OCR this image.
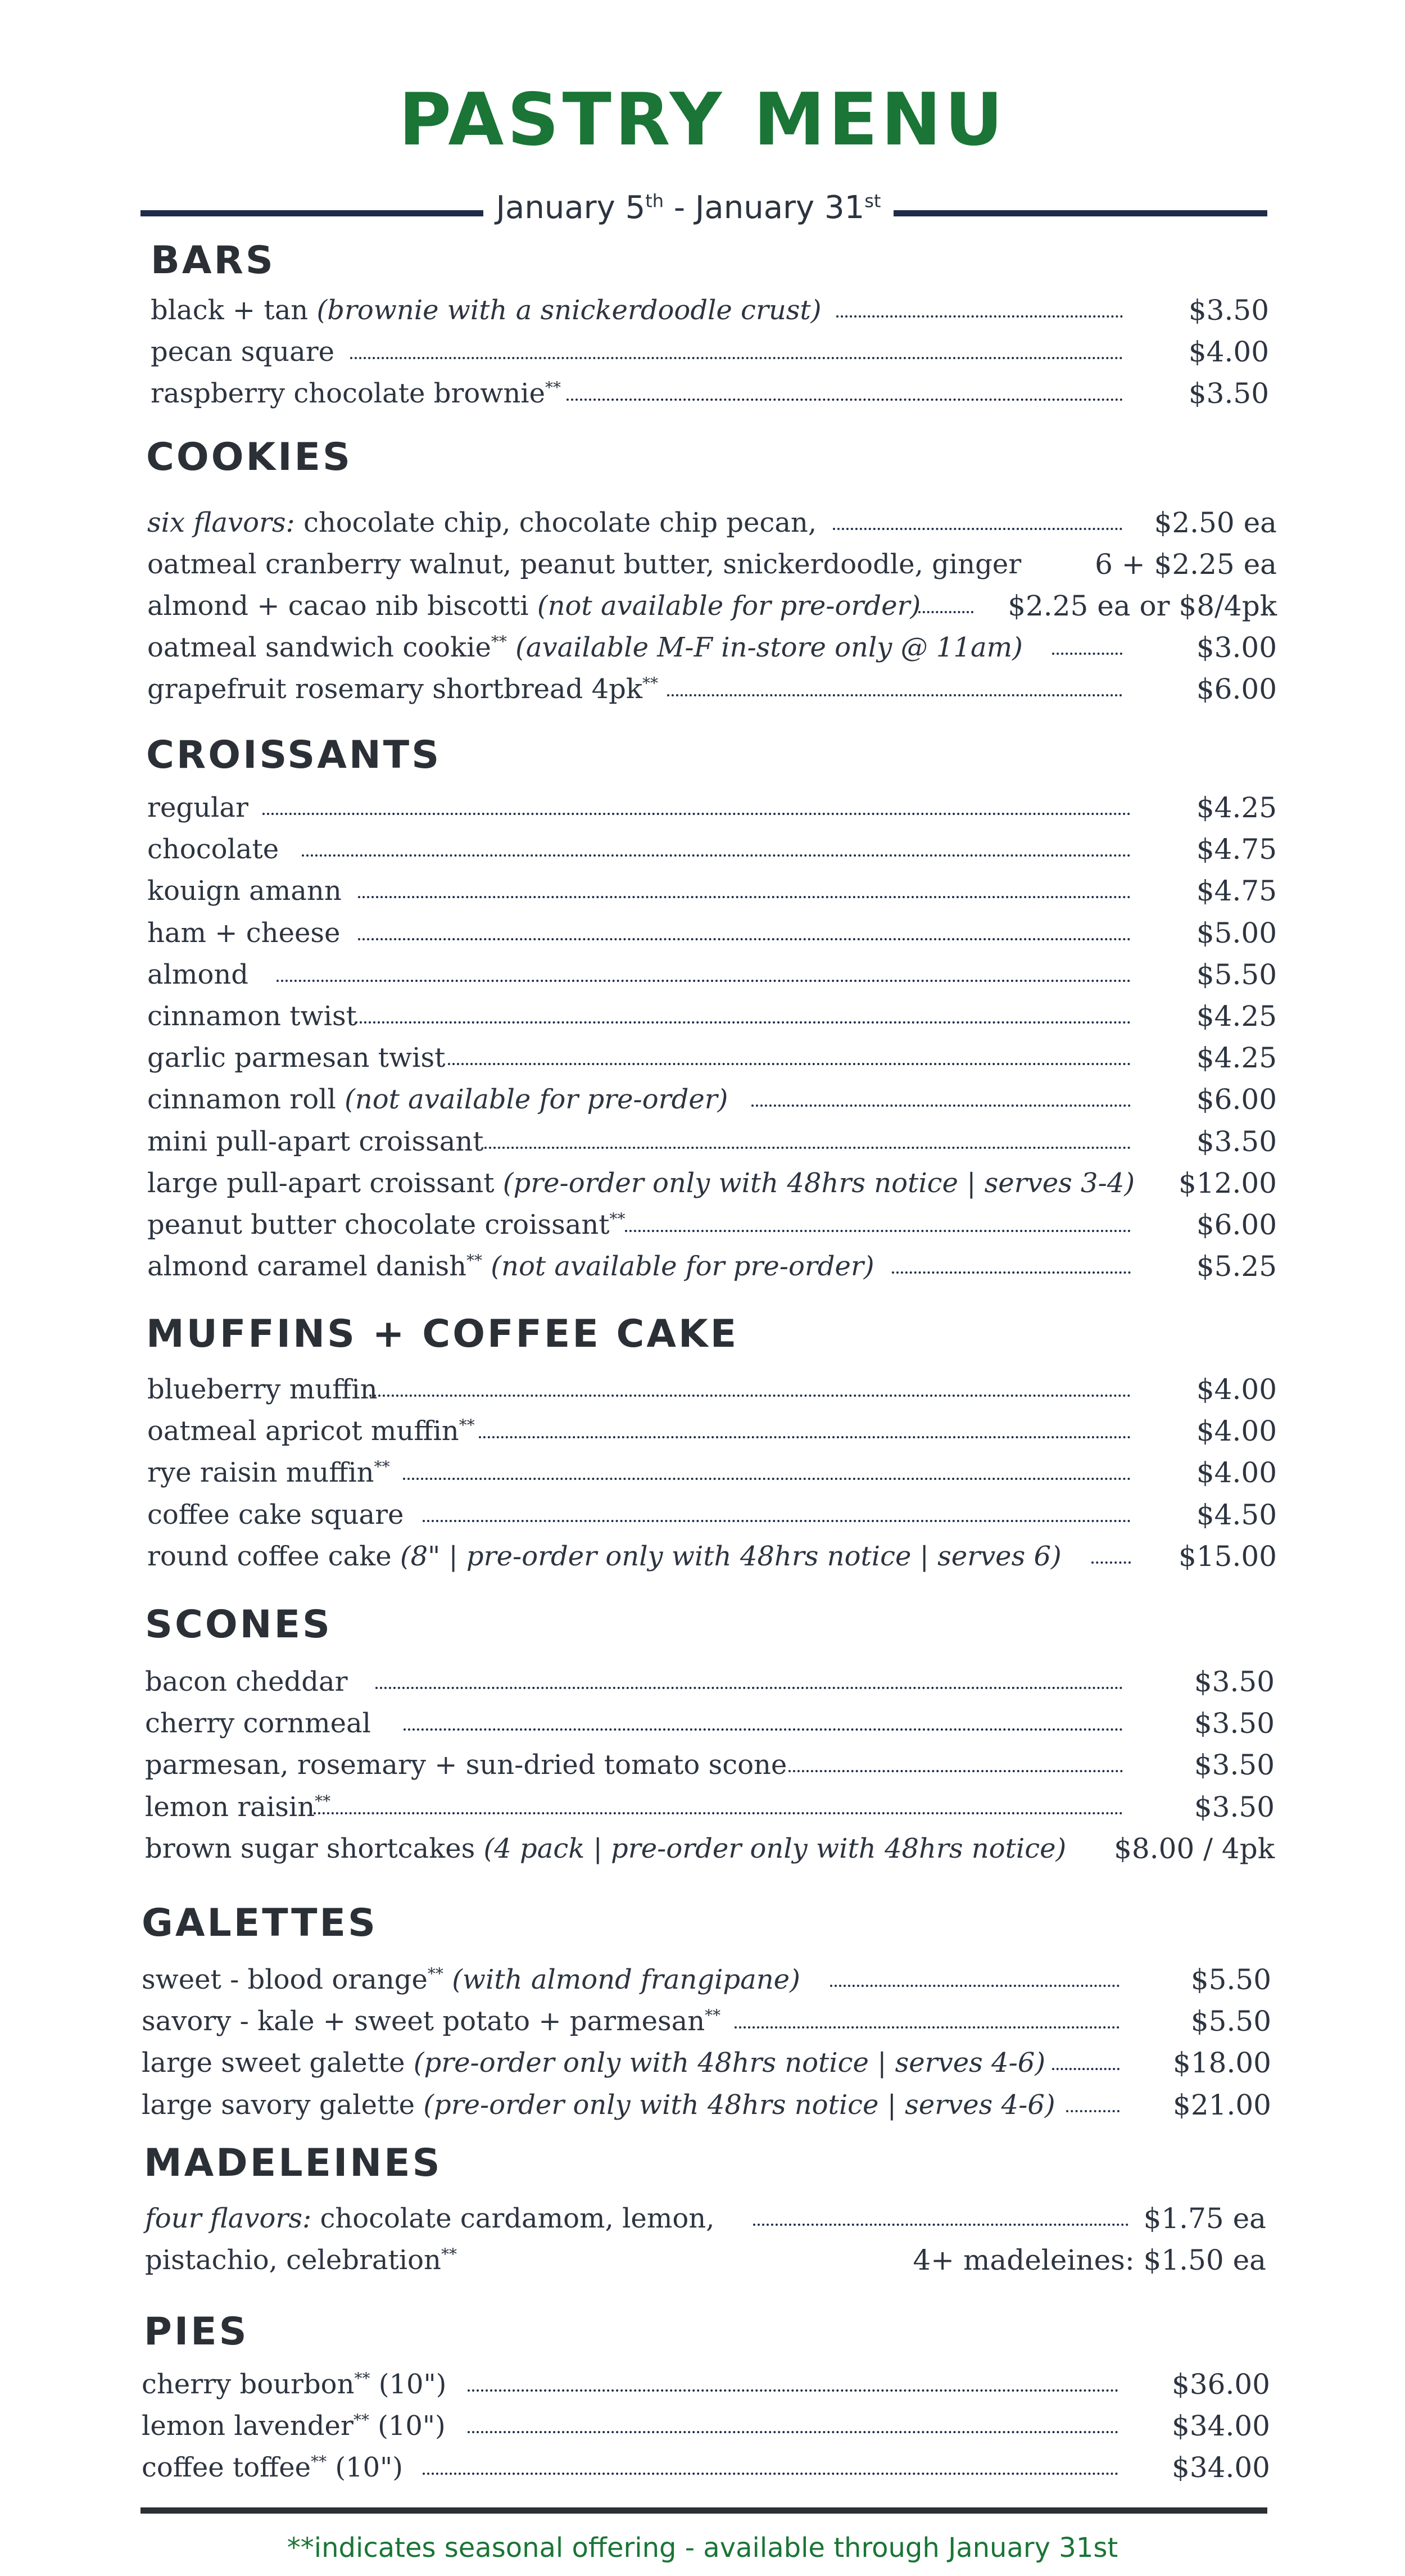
PASTRY MENU
January 5th - January 31st
BARS
black + tan (brownie with a snickerdoodle crust)	$3.50
pecan square	$4.00
raspberry chocolate brownie**	$3.50
COOKIES
six flavors: chocolate chip, chocolate chip pecan,	$2.50 ea
oatmeal cranberry walnut, peanut butter, snickerdoodle, ginger	6 + $2.25 ea
almond + cacao nib biscotti (not available for pre-order)	$2.25 ea or $8/4pk
oatmeal sandwich cookie** (available M-F in-store only @ 11am)	$3.00
grapefruit rosemary shortbread 4pk**	$6.00
CROISSANTS
regular	$4.25
chocolate	$4.75
kouign amann	$4.75
ham + cheese	$5.00
almond	$5.50
cinnamon twist	$4.25
garlic parmesan twist	$4.25
cinnamon roll (not available for pre-order)	$6.00
mini pull-apart croissant	$3.50
large pull-apart croissant (pre-order only with 48hrs notice | serves 3-4) $12.00
peanut butter chocolate croissant**	$6.00
almond caramel danish** (not available for pre-order)	$5.25
MUFFINS + COFFEE CAKE
blueberry muffin	$4.00
oatmeal apricot muffin**	$4.00
rye raisin muffin**	$4.00
coffee cake square	$4.50
round coffee cake (8" | pre-order only with 48hrs notice | serves 6)	$15.00
SCONES
bacon cheddar	$3.50
cherry cornmeal	$3.50
parmesan, rosemary + sun-dried tomato scone	$3.50
lemon raisin**	$3.50
brown sugar shortcakes (4 pack | pre-order only with 48hrs notice) $8.00 / 4pk
GALETTES
sweet - blood orange** (with almond frangipane)	$5.50
savory - kale + sweet potato + parmesan**	$5.50
large sweet galette (pre-order only with 48hrs notice | serves 4-6)	$18.00
large savory galette (pre-order only with 48hrs notice | serves 4-6)	$21.00
MADELEINES
four flavors: chocolate cardamom, lemon,	$1.75 ea
pistachio, celebration**	4+ madeleines: $1.50 ea
PIES
cherry bourbon** (10")	$36.00
lemon lavender** (10")	$34.00
coffee toffee** (10")	$34.00
**indicates seasonal offering - available through January 31st
